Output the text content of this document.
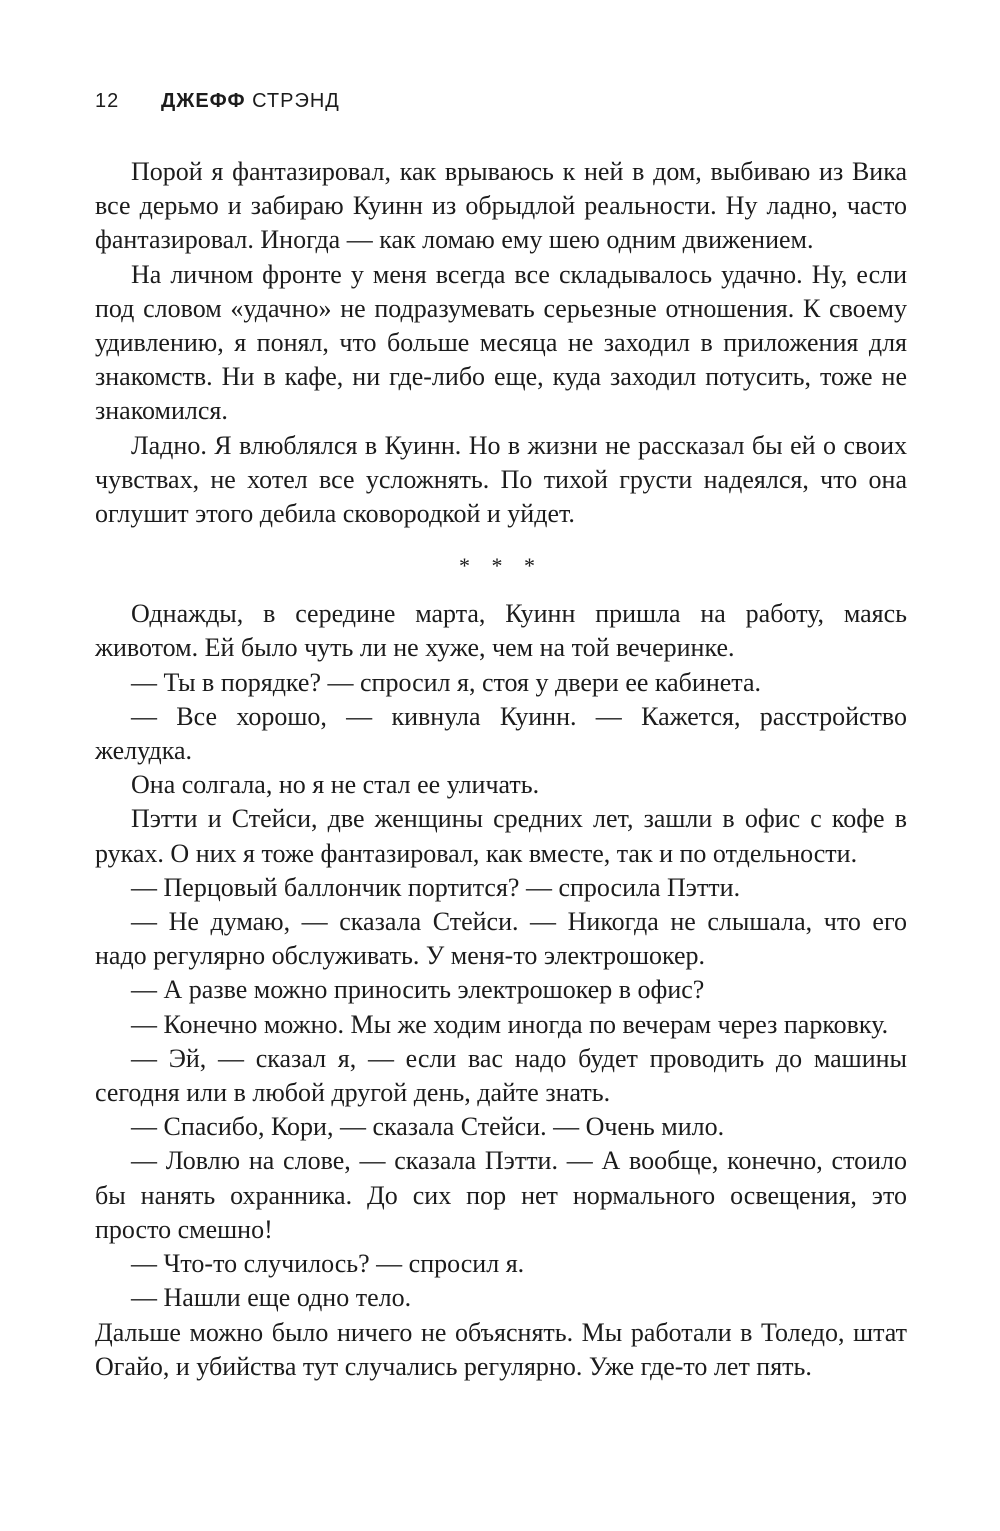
12 ДЖЕФФ СТРЭНД

Порой я фантазировал, как врываюсь к ней в дом, выбиваю из Вика все дерьмо и забираю Куинн из обрыдлой реальности. Ну ладно, часто фантазировал. Иногда — как ломаю ему шею одним движением.

На личном фронте у меня всегда все складывалось удачно. Ну, если под словом «удачно» не подразумевать серьезные отношения. К своему удивлению, я понял, что больше месяца не заходил в приложения для знакомств. Ни в кафе, ни где-либо еще, куда заходил потусить, тоже не знакомился.

Ладно. Я влюблялся в Куинн. Но в жизни не рассказал бы ей о своих чувствах, не хотел все усложнять. По тихой грусти надеялся, что она оглушит этого дебила сковородкой и уйдет.

* * *

Однажды, в середине марта, Куинн пришла на работу, маясь животом. Ей было чуть ли не хуже, чем на той вечеринке.

— Ты в порядке? — спросил я, стоя у двери ее кабинета.

— Все хорошо, — кивнула Куинн. — Кажется, расстройство желудка.

Она солгала, но я не стал ее уличать.

Пэтти и Стейси, две женщины средних лет, зашли в офис с кофе в руках. О них я тоже фантазировал, как вместе, так и по отдельности.

— Перцовый баллончик портится? — спросила Пэтти.

— Не думаю, — сказала Стейси. — Никогда не слышала, что его надо регулярно обслуживать. У меня-то электрошокер.

— А разве можно приносить электрошокер в офис?

— Конечно можно. Мы же ходим иногда по вечерам через парковку.

— Эй, — сказал я, — если вас надо будет проводить до машины сегодня или в любой другой день, дайте знать.

— Спасибо, Кори, — сказала Стейси. — Очень мило.

— Ловлю на слове, — сказала Пэтти. — А вообще, конечно, стоило бы нанять охранника. До сих пор нет нормального освещения, это просто смешно!

— Что-то случилось? — спросил я.

— Нашли еще одно тело.

Дальше можно было ничего не объяснять. Мы работали в Толедо, штат Огайо, и убийства тут случались регулярно. Уже где-то лет пять.
